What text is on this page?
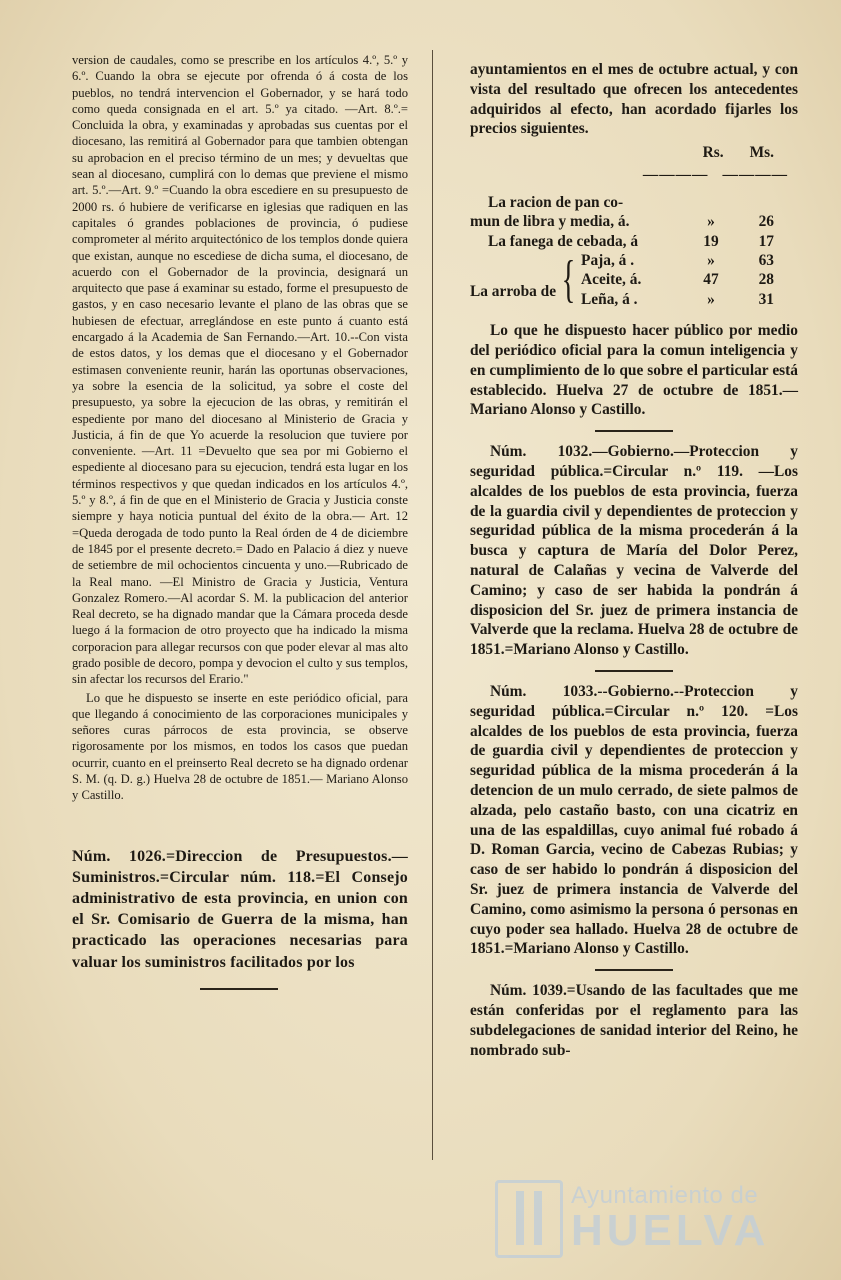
version de caudales, como se prescribe en los artículos 4.º, 5.º y 6.º. Cuando la obra se ejecute por ofrenda ó á costa de los pueblos, no tendrá intervencion el Gobernador, y se hará todo como queda consignada en el art. 5.º ya citado. —Art. 8.º.= Concluida la obra, y examinadas y aprobadas sus cuentas por el diocesano, las remitirá al Gobernador para que tambien obtengan su aprobacion en el preciso término de un mes; y devueltas que sean al diocesano, cumplirá con lo demas que previene el mismo art. 5.º.—Art. 9.º =Cuando la obra escediere en su presupuesto de 2000 rs. ó hubiere de verificarse en iglesias que radiquen en las capitales ó grandes poblaciones de provincia, ó pudiese comprometer al mérito arquitectónico de los templos donde quiera que existan, aunque no escediese de dicha suma, el diocesano, de acuerdo con el Gobernador de la provincia, designará un arquitecto que pase á examinar su estado, forme el presupuesto de gastos, y en caso necesario levante el plano de las obras que se hubiesen de efectuar, arreglándose en este punto á cuanto está encargado á la Academia de San Fernando.—Art. 10.--Con vista de estos datos, y los demas que el diocesano y el Gobernador estimasen conveniente reunir, harán las oportunas observaciones, ya sobre la esencia de la solicitud, ya sobre el coste del presupuesto, ya sobre la ejecucion de las obras, y remitirán el espediente por mano del diocesano al Ministerio de Gracia y Justicia, á fin de que Yo acuerde la resolucion que tuviere por conveniente. —Art. 11 =Devuelto que sea por mi Gobierno el espediente al diocesano para su ejecucion, tendrá esta lugar en los términos respectivos y que quedan indicados en los artículos 4.º, 5.º y 8.º, á fin de que en el Ministerio de Gracia y Justicia conste siempre y haya noticia puntual del éxito de la obra.— Art. 12 =Queda derogada de todo punto la Real órden de 4 de diciembre de 1845 por el presente decreto.= Dado en Palacio á diez y nueve de setiembre de mil ochocientos cincuenta y uno.—Rubricado de la Real mano. —El Ministro de Gracia y Justicia, Ventura Gonzalez Romero.—Al acordar S. M. la publicacion del anterior Real decreto, se ha dignado mandar que la Cámara proceda desde luego á la formacion de otro proyecto que ha indicado la misma corporacion para allegar recursos con que poder elevar al mas alto grado posible de decoro, pompa y devocion el culto y sus templos, sin afectar los recursos del Erario."

Lo que he dispuesto se inserte en este periódico oficial, para que llegando á conocimiento de las corporaciones municipales y señores curas párrocos de esta provincia, se observe rigorosamente por los mismos, en todos los casos que puedan ocurrir, cuanto en el preinserto Real decreto se ha dignado ordenar S. M. (q. D. g.) Huelva 28 de octubre de 1851.— Mariano Alonso y Castillo.

Núm. 1026.=Direccion de Presupuestos.—Suministros.=Circular núm. 118.=El Consejo administrativo de esta provincia, en union con el Sr. Comisario de Guerra de la misma, han practicado las operaciones necesarias para valuar los suministros facilitados por los

ayuntamientos en el mes de octubre actual, y con vista del resultado que ofrecen los antecedentes adquiridos al efecto, han acordado fijarles los precios siguientes.

Rs. Ms.
———— ————
La racion de pan co-			
mun de libra y media, á.		»	26
La fanega de cebada, á		19	17
La arroba de {	Paja, á .	»	63
	Aceite, á.	47	28
	Leña, á .	»	31

Lo que he dispuesto hacer público por medio del periódico oficial para la comun inteligencia y en cumplimiento de lo que sobre el particular está establecido. Huelva 27 de octubre de 1851.—Mariano Alonso y Castillo.

Núm. 1032.—Gobierno.—Proteccion y seguridad pública.=Circular n.º 119. —Los alcaldes de los pueblos de esta provincia, fuerza de la guardia civil y dependientes de proteccion y seguridad pública de la misma procederán á la busca y captura de María del Dolor Perez, natural de Calañas y vecina de Valverde del Camino; y caso de ser habida la pondrán á disposicion del Sr. juez de primera instancia de Valverde que la reclama. Huelva 28 de octubre de 1851.=Mariano Alonso y Castillo.

Núm. 1033.--Gobierno.--Proteccion y seguridad pública.=Circular n.º 120. =Los alcaldes de los pueblos de esta provincia, fuerza de guardia civil y dependientes de proteccion y seguridad pública de la misma procederán á la detencion de un mulo cerrado, de siete palmos de alzada, pelo castaño basto, con una cicatriz en una de las espaldillas, cuyo animal fué robado á D. Roman Garcia, vecino de Cabezas Rubias; y caso de ser habido lo pondrán á disposicion del Sr. juez de primera instancia de Valverde del Camino, como asimismo la persona ó personas en cuyo poder sea hallado. Huelva 28 de octubre de 1851.=Mariano Alonso y Castillo.

Núm. 1039.=Usando de las facultades que me están conferidas por el reglamento para las subdelegaciones de sanidad interior del Reino, he nombrado sub-

Ayuntamiento de
HUELVA
